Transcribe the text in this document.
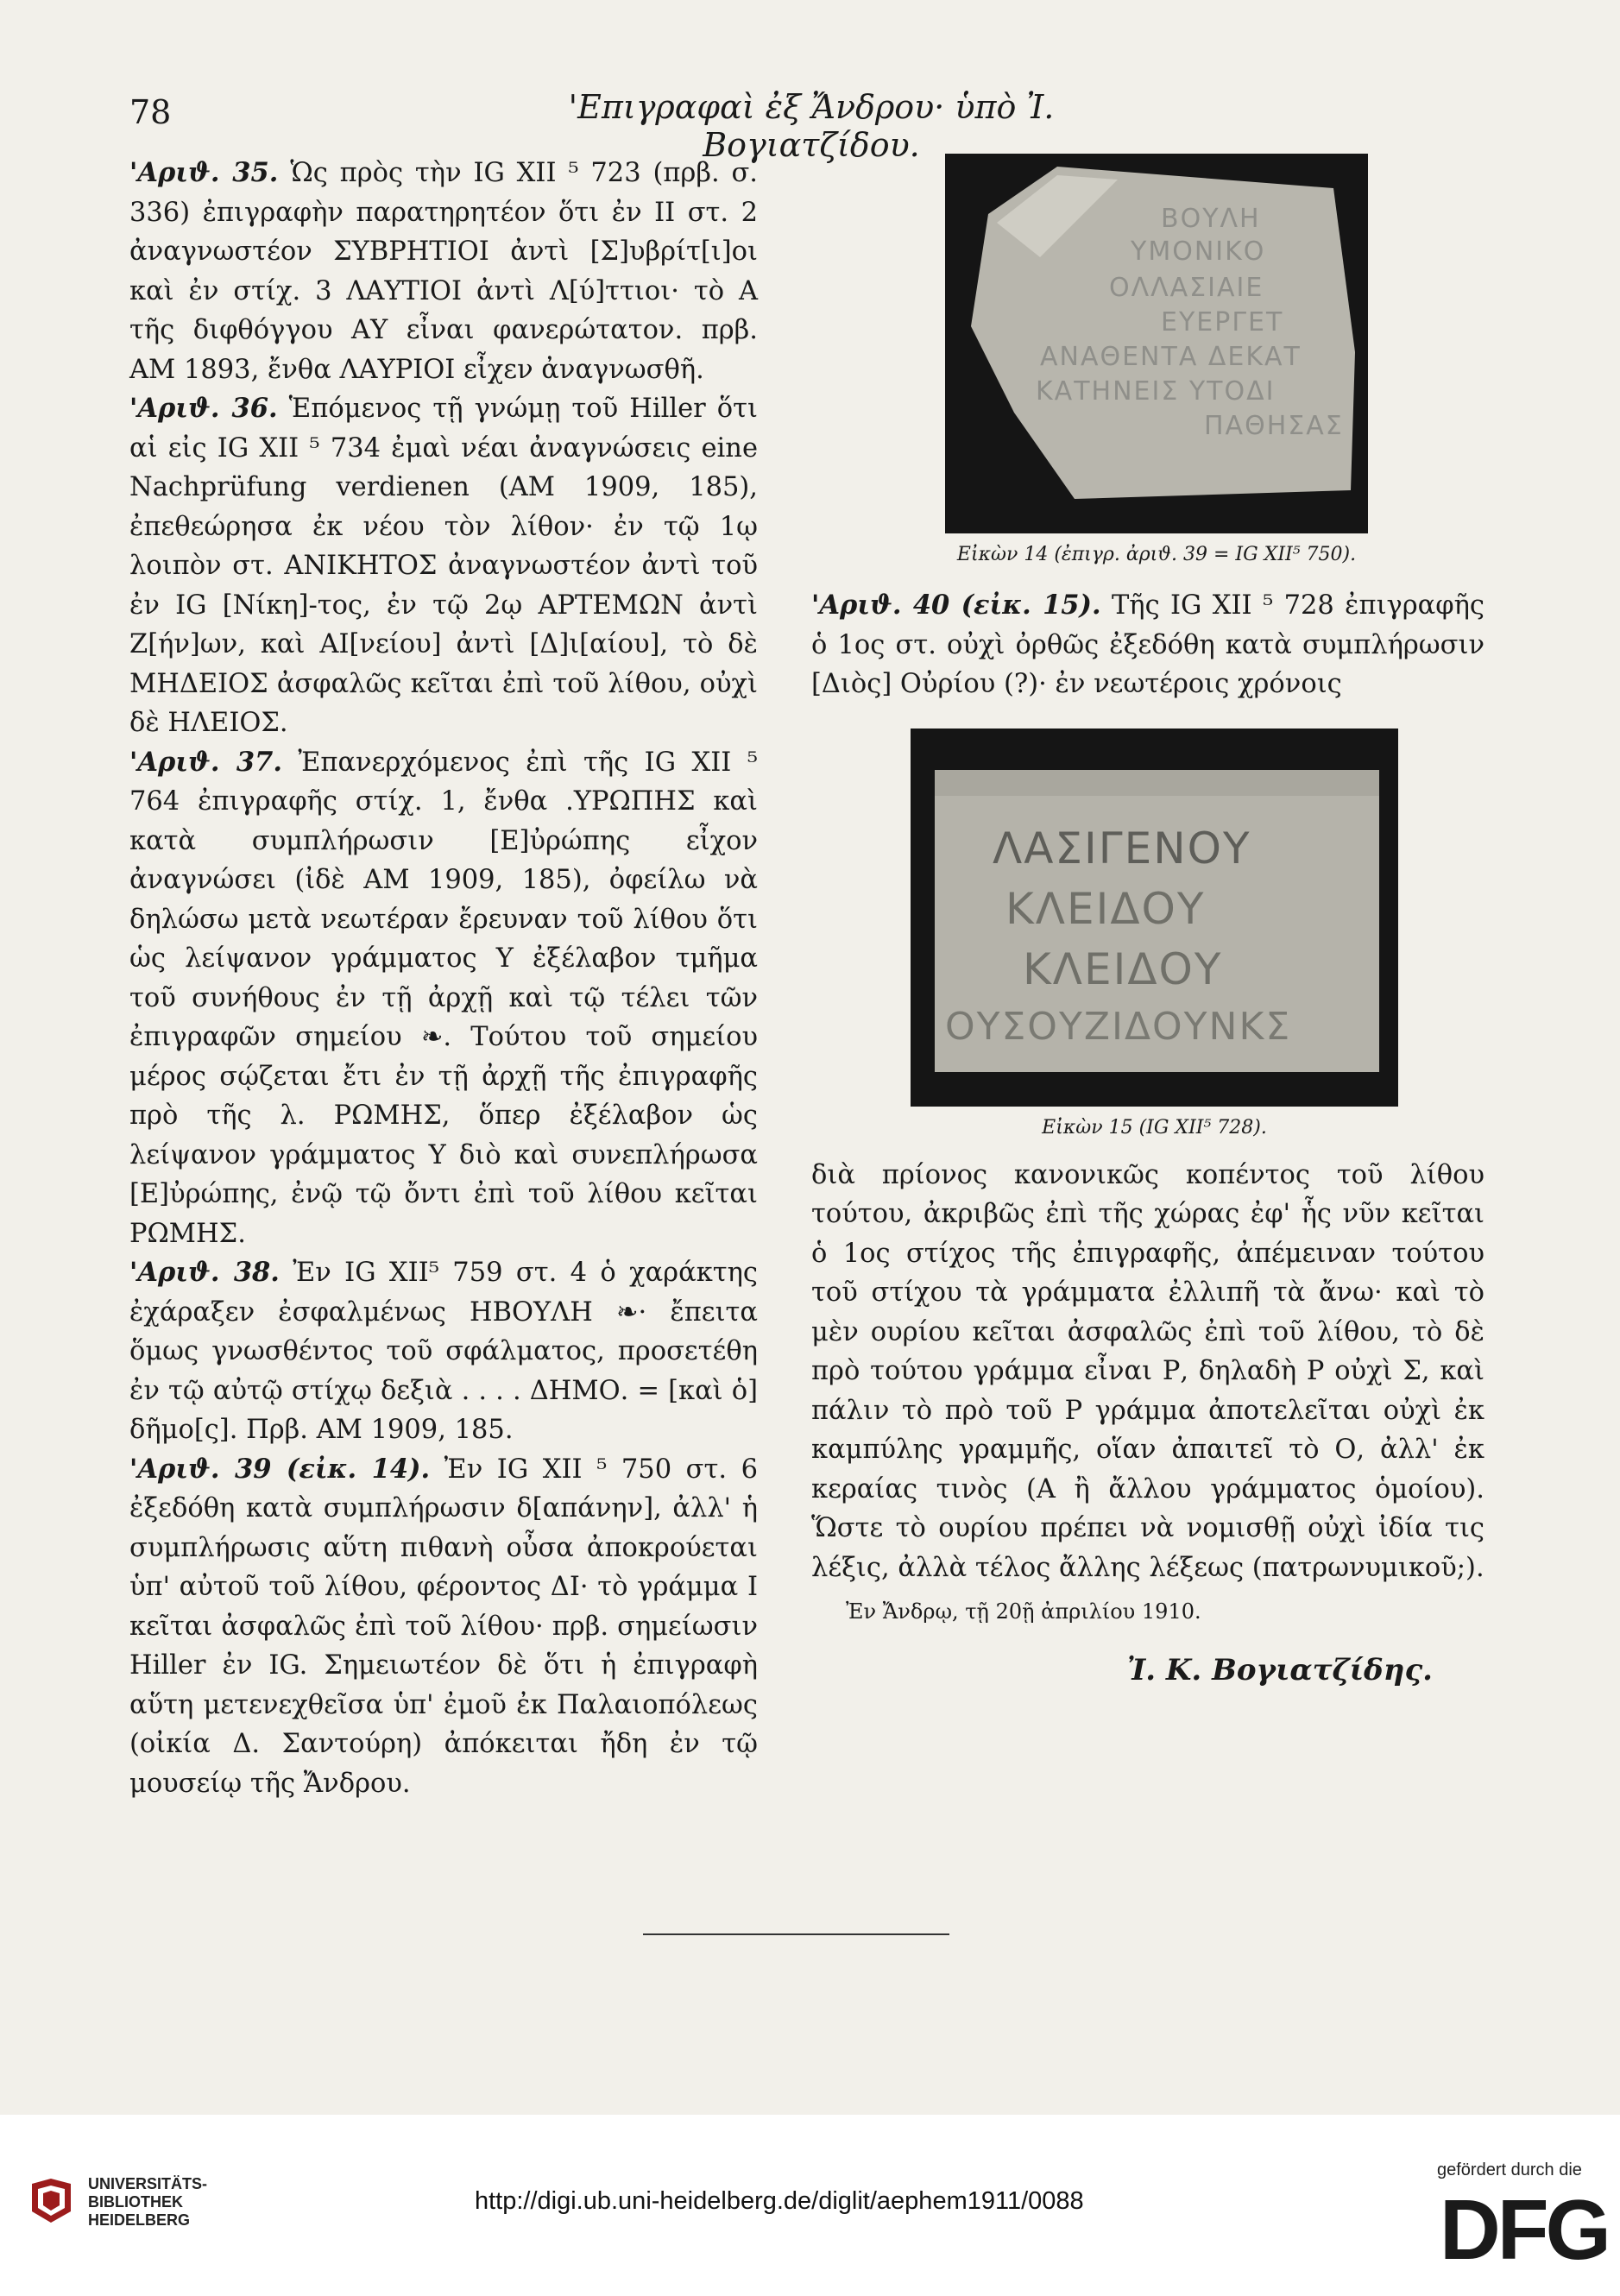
78	'Επιγραφαὶ ἐξ Ἄνδρου· ὑπὸ Ἰ. Βογιατζίδου.

'Αριϑ. 35. Ὡς πρὸς τὴν IG XII ⁵ 723 (πρβ. σ. 336) ἐπιγραφὴν παρατηρητέον ὅτι ἐν II στ. 2 ἀναγνωστέον ΣΥΒΡΗΤΙΟΙ ἀντὶ [Σ]υβρίτ[ι]οι καὶ ἐν στίχ. 3 ΛΑΥΤΙΟΙ ἀντὶ Λ[ύ]ττιοι· τὸ Α τῆς διφθόγγου ΑΥ εἶναι φανερώτατον. πρβ. AM 1893, ἔνθα ΛΑΥΡΙΟΙ εἶχεν ἀναγνωσθῆ.

'Αριϑ. 36. Ἑπόμενος τῇ γνώμῃ τοῦ Hiller ὅτι αἱ εἰς IG XII ⁵ 734 ἐμαὶ νέαι ἀναγνώσεις eine Nachprüfung verdienen (AM 1909, 185), ἐπεθεώρησα ἐκ νέου τὸν λίθον· ἐν τῷ 1ῳ λοιπὸν στ. ΑΝΙΚΗΤΟΣ ἀναγνωστέον ἀντὶ τοῦ ἐν IG [Νίκη]-τος, ἐν τῷ 2ῳ ΑΡΤΕΜΩΝ ἀντὶ Ζ[ήν]ων, καὶ ΑΙ[νείου] ἀντὶ [Δ]ι[αίου], τὸ δὲ ΜΗΔΕΙΟΣ ἀσφαλῶς κεῖται ἐπὶ τοῦ λίθου, οὐχὶ δὲ ΗΛΕΙΟΣ.

'Αριϑ. 37. Ἐπανερχόμενος ἐπὶ τῆς IG XII ⁵ 764 ἐπιγραφῆς στίχ. 1, ἔνθα .ΥΡΩΠΗΣ καὶ κατὰ συμπλήρωσιν [Ε]ὐρώπης εἶχον ἀναγνώσει (ἰδὲ AM 1909, 185), ὀφείλω νὰ δηλώσω μετὰ νεωτέραν ἔρευναν τοῦ λίθου ὅτι ὡς λείψανον γράμματος Υ ἐξέλαβον τμῆμα τοῦ συνήθους ἐν τῇ ἀρχῇ καὶ τῷ τέλει τῶν ἐπιγραφῶν σημείου ❧. Τούτου τοῦ σημείου μέρος σῴζεται ἔτι ἐν τῇ ἀρχῇ τῆς ἐπιγραφῆς πρὸ τῆς λ. ΡΩΜΗΣ, ὅπερ ἐξέλαβον ὡς λείψανον γράμματος Υ διὸ καὶ συνεπλήρωσα [Ε]ὐρώπης, ἐνῷ τῷ ὄντι ἐπὶ τοῦ λίθου κεῖται ΡΩΜΗΣ.

'Αριϑ. 38. Ἐν IG XII⁵ 759 στ. 4 ὁ χαράκτης ἐχάραξεν ἐσφαλμένως ΗΒΟΥΛΗ ❧· ἔπειτα ὅμως γνωσθέντος τοῦ σφάλματος, προσετέθη ἐν τῷ αὐτῷ στίχῳ δεξιὰ . . . . ΔΗΜΟ. = [καὶ ὁ] δῆμο[ς]. Πρβ. AM 1909, 185.

'Αριϑ. 39 (εἰκ. 14). Ἐν IG XII ⁵ 750 στ. 6 ἐξεδόθη κατὰ συμπλήρωσιν δ[απάνην], ἀλλ' ἡ συμπλήρωσις αὕτη πιθανὴ οὖσα ἀποκρούεται ὑπ' αὐτοῦ τοῦ λίθου, φέροντος ΔΙ· τὸ γράμμα Ι κεῖται ἀσφαλῶς ἐπὶ τοῦ λίθου· πρβ. σημείωσιν Hiller ἐν IG. Σημειωτέον δὲ ὅτι ἡ ἐπιγραφὴ αὕτη μετενεχθεῖσα ὑπ' ἐμοῦ ἐκ Παλαιοπόλεως (οἰκία Δ. Σαντούρη) ἀπόκειται ἤδη ἐν τῷ μουσείῳ τῆς Ἄνδρου.

ΒΟΥΛΗ
ΥΜΟΝΙΚΟ
ΟΛΛΑΣΙΑΙΕ
ΕΥΕΡΓΕΤ
ΑΝΑΘΕΝΤΑ ΔΕΚΑΤ
ΚΑΤΗΝΕΙΣ ΥΤΟΔΙ
ΠΑΘΗΣΑΣ
Εἰκὼν 14 (ἐπιγρ. ἀριϑ. 39 = IG XII⁵ 750).

'Αριϑ. 40 (εἰκ. 15). Τῆς IG XII ⁵ 728 ἐπιγραφῆς ὁ 1ος στ. οὐχὶ ὀρθῶς ἐξεδόθη κατὰ συμπλήρωσιν [Διὸς] Οὐρίου (?)· ἐν νεωτέροις χρόνοις

ΛΑΣΙΓΕΝΟΥ
ΚΛΕΙΔΟΥ
ΚΛΕΙΔΟΥ
ΟΥΣΟΥΖΙΔΟΥΝΚΣ
Εἰκὼν 15 (IG XII⁵ 728).

διὰ πρίονος κανονικῶς κοπέντος τοῦ λίθου τούτου, ἀκριβῶς ἐπὶ τῆς χώρας ἐφ' ἧς νῦν κεῖται ὁ 1ος στίχος τῆς ἐπιγραφῆς, ἀπέμειναν τούτου τοῦ στίχου τὰ γράμματα ἐλλιπῆ τὰ ἄνω· καὶ τὸ μὲν ουρίου κεῖται ἀσφαλῶς ἐπὶ τοῦ λίθου, τὸ δὲ πρὸ τούτου γράμμα εἶναι Ρ, δηλαδὴ Ρ οὐχὶ Σ, καὶ πάλιν τὸ πρὸ τοῦ Ρ γράμμα ἀποτελεῖται οὐχὶ ἐκ καμπύλης γραμμῆς, οἵαν ἀπαιτεῖ τὸ Ο, ἀλλ' ἐκ κεραίας τινὸς (Α ἢ ἄλλου γράμματος ὁμοίου). Ὥστε τὸ ουρίου πρέπει νὰ νομισθῇ οὐχὶ ἰδία τις λέξις, ἀλλὰ τέλος ἄλλης λέξεως (πατρωνυμικοῦ;).

Ἐν Ἄνδρῳ, τῇ 20ῇ ἀπριλίου 1910.
Ἰ. Κ. Βογιατζίδης.
UNIVERSITÄTS-
BIBLIOTHEK
HEIDELBERG
http://digi.ub.uni-heidelberg.de/diglit/aephem1911/0088
gefördert durch die
DFG
